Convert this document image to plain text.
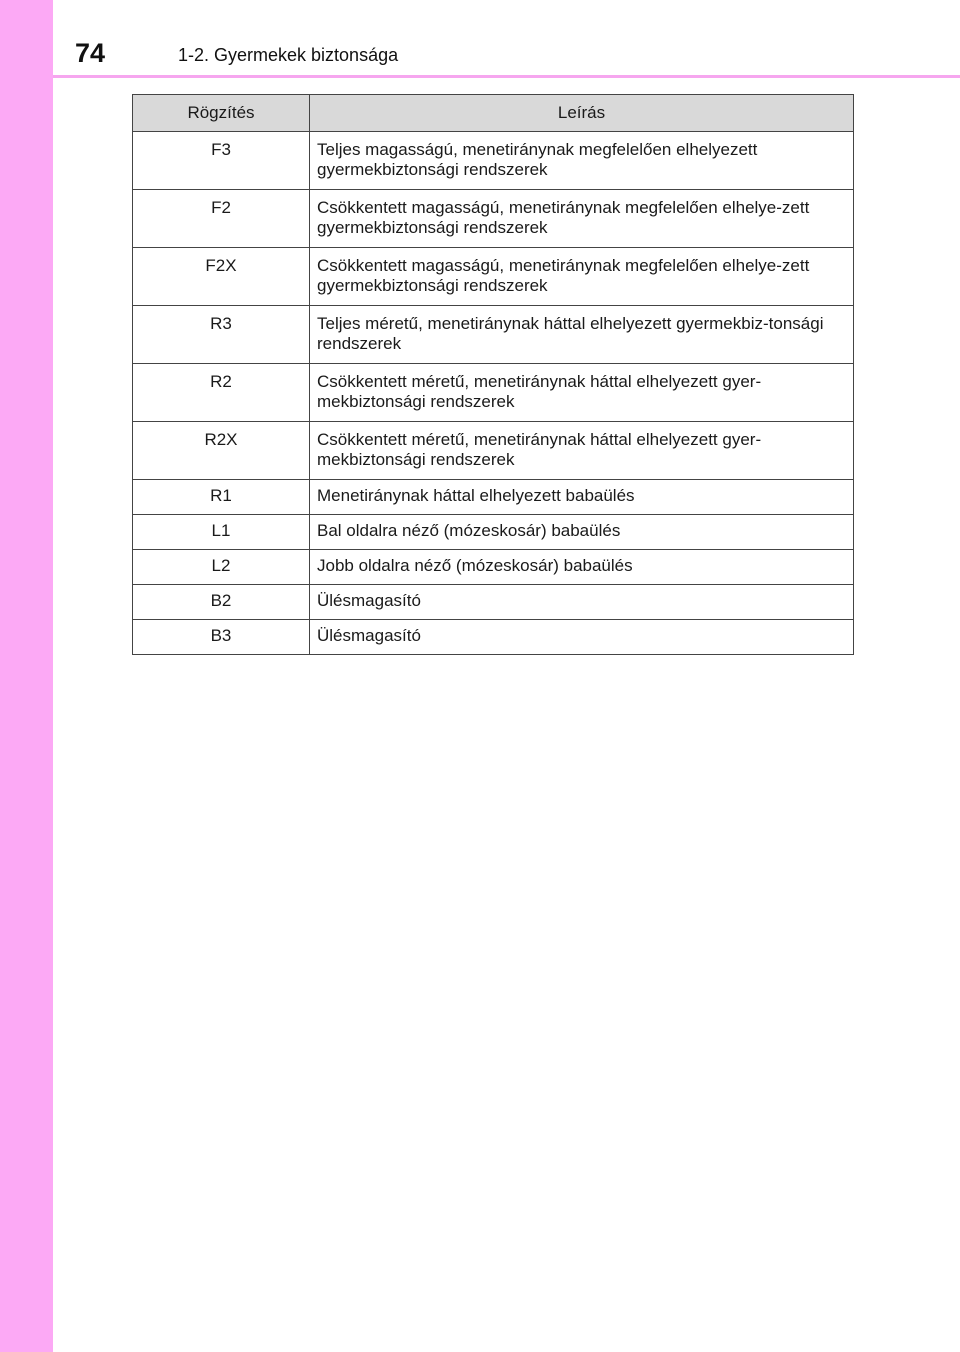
74	1-2. Gyermekek biztonsága
Rögzítés	Leírás
F3	Teljes magasságú, menetiránynak megfelelően elhelyezett gyermekbiztonsági rendszerek
F2	Csökkentett magasságú, menetiránynak megfelelően elhelye-zett gyermekbiztonsági rendszerek
F2X	Csökkentett magasságú, menetiránynak megfelelően elhelye-zett gyermekbiztonsági rendszerek
R3	Teljes méretű, menetiránynak háttal elhelyezett gyermekbiz-tonsági rendszerek
R2	Csökkentett méretű, menetiránynak háttal elhelyezett gyer-mekbiztonsági rendszerek
R2X	Csökkentett méretű, menetiránynak háttal elhelyezett gyer-mekbiztonsági rendszerek
R1	Menetiránynak háttal elhelyezett babaülés
L1	Bal oldalra néző (mózeskosár) babaülés
L2	Jobb oldalra néző (mózeskosár) babaülés
B2	Ülésmagasító
B3	Ülésmagasító
